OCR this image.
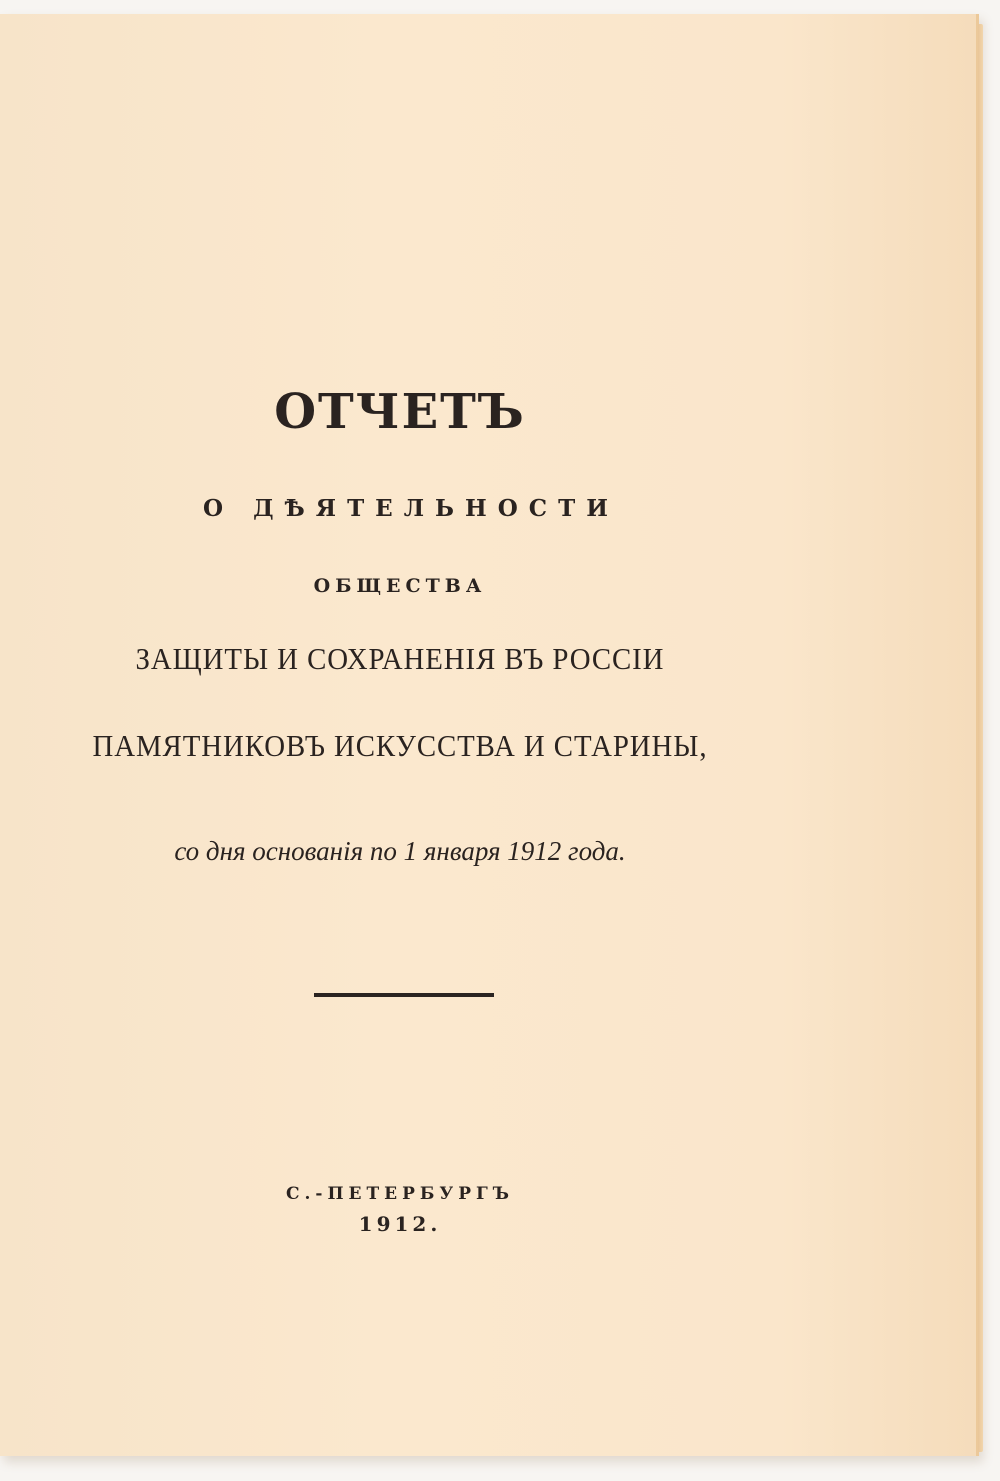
ОТЧЕТЪ
О ДѢЯТЕЛЬНОСТИ
ОБЩЕСТВА
ЗАЩИТЫ И СОХРАНЕНІЯ ВЪ РОССІИ
ПАМЯТНИКОВЪ ИСКУССТВА И СТАРИНЫ,
со дня основанія по 1 января 1912 года.
С.-ПЕТЕРБУРГЪ
1912.
